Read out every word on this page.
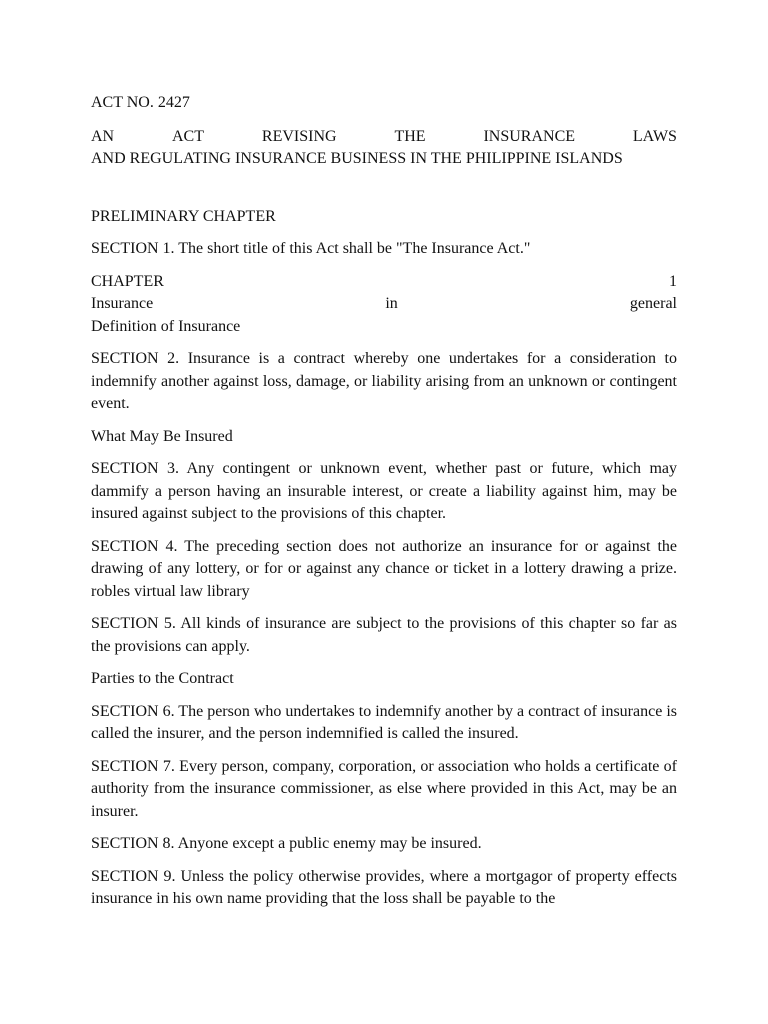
ACT NO. 2427

AN	ACT	REVISING	THE	INSURANCE	LAWS

AND REGULATING INSURANCE BUSINESS IN THE PHILIPPINE ISLANDS

PRELIMINARY CHAPTER

SECTION 1. The short title of this Act shall be "The Insurance Act."

CHAPTER	1
Insurance	in	general

Definition of Insurance

SECTION 2. Insurance is a contract whereby one undertakes for a consideration to indemnify another against loss, damage, or liability arising from an unknown or contingent event.

What May Be Insured

SECTION 3. Any contingent or unknown event, whether past or future, which may dammify a person having an insurable interest, or create a liability against him, may be insured against subject to the provisions of this chapter.

SECTION 4. The preceding section does not authorize an insurance for or against the drawing of any lottery, or for or against any chance or ticket in a lottery drawing a prize. robles virtual law library

SECTION 5. All kinds of insurance are subject to the provisions of this chapter so far as the provisions can apply.

Parties to the Contract

SECTION 6. The person who undertakes to indemnify another by a contract of insurance is called the insurer, and the person indemnified is called the insured.

SECTION 7. Every person, company, corporation, or association who holds a certificate of authority from the insurance commissioner, as else where provided in this Act, may be an insurer.

SECTION 8. Anyone except a public enemy may be insured.

SECTION 9. Unless the policy otherwise provides, where a mortgagor of property effects insurance in his own name providing that the loss shall be payable to the
